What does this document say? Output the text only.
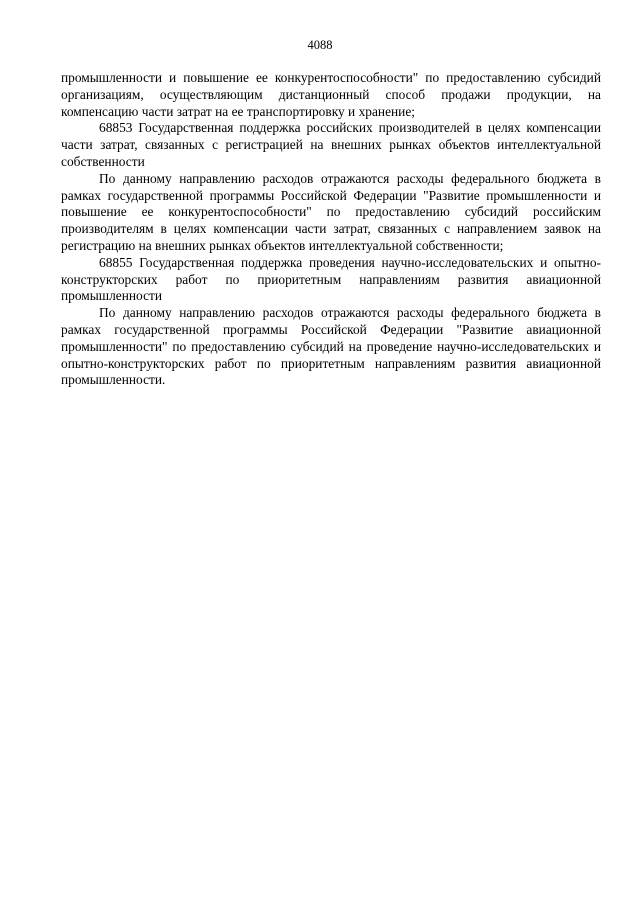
4088

промышленности и повышение ее конкурентоспособности" по предоставлению субсидий организациям, осуществляющим дистанционный способ продажи продукции, на компенсацию части затрат на ее транспортировку и хранение;

68853 Государственная поддержка российских производителей в целях компенсации части затрат, связанных с регистрацией на внешних рынках объектов интеллектуальной собственности

По данному направлению расходов отражаются расходы федерального бюджета в рамках государственной программы Российской Федерации "Развитие промышленности и повышение ее конкурентоспособности" по предоставлению субсидий российским производителям в целях компенсации части затрат, связанных с направлением заявок на регистрацию на внешних рынках объектов интеллектуальной собственности;

68855 Государственная поддержка проведения научно-исследовательских и опытно-конструкторских работ по приоритетным направлениям развития авиационной промышленности

По данному направлению расходов отражаются расходы федерального бюджета в рамках государственной программы Российской Федерации "Развитие авиационной промышленности" по предоставлению субсидий на проведение научно-исследовательских и опытно-конструкторских работ по приоритетным направлениям развития авиационной промышленности.
